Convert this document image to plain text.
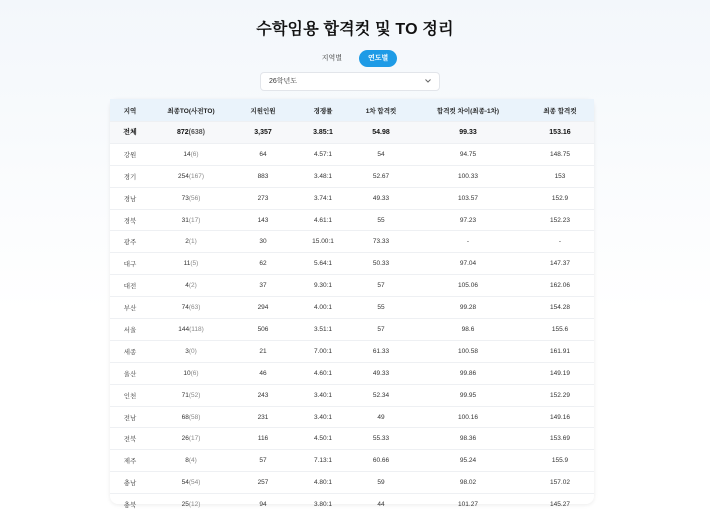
수학임용 합격컷 및 TO 정리
지역별	연도별
26학년도
지역	최종TO(사전TO)	지원인원	경쟁률	1차 합격컷	합격컷 차이(최종-1차)	최종 합격컷
전체	872(638)	3,357	3.85:1	54.98	99.33	153.16
강원	14(6)	64	4.57:1	54	94.75	148.75
경기	254(167)	883	3.48:1	52.67	100.33	153
경남	73(56)	273	3.74:1	49.33	103.57	152.9
경북	31(17)	143	4.61:1	55	97.23	152.23
광주	2(1)	30	15.00:1	73.33	-	-
대구	11(5)	62	5.64:1	50.33	97.04	147.37
대전	4(2)	37	9.30:1	57	105.06	162.06
부산	74(63)	294	4.00:1	55	99.28	154.28
서울	144(118)	506	3.51:1	57	98.6	155.6
세종	3(0)	21	7.00:1	61.33	100.58	161.91
울산	10(6)	46	4.60:1	49.33	99.86	149.19
인천	71(52)	243	3.40:1	52.34	99.95	152.29
전남	68(58)	231	3.40:1	49	100.16	149.16
전북	26(17)	116	4.50:1	55.33	98.36	153.69
제주	8(4)	57	7.13:1	60.66	95.24	155.9
충남	54(54)	257	4.80:1	59	98.02	157.02
충북	25(12)	94	3.80:1	44	101.27	145.27
